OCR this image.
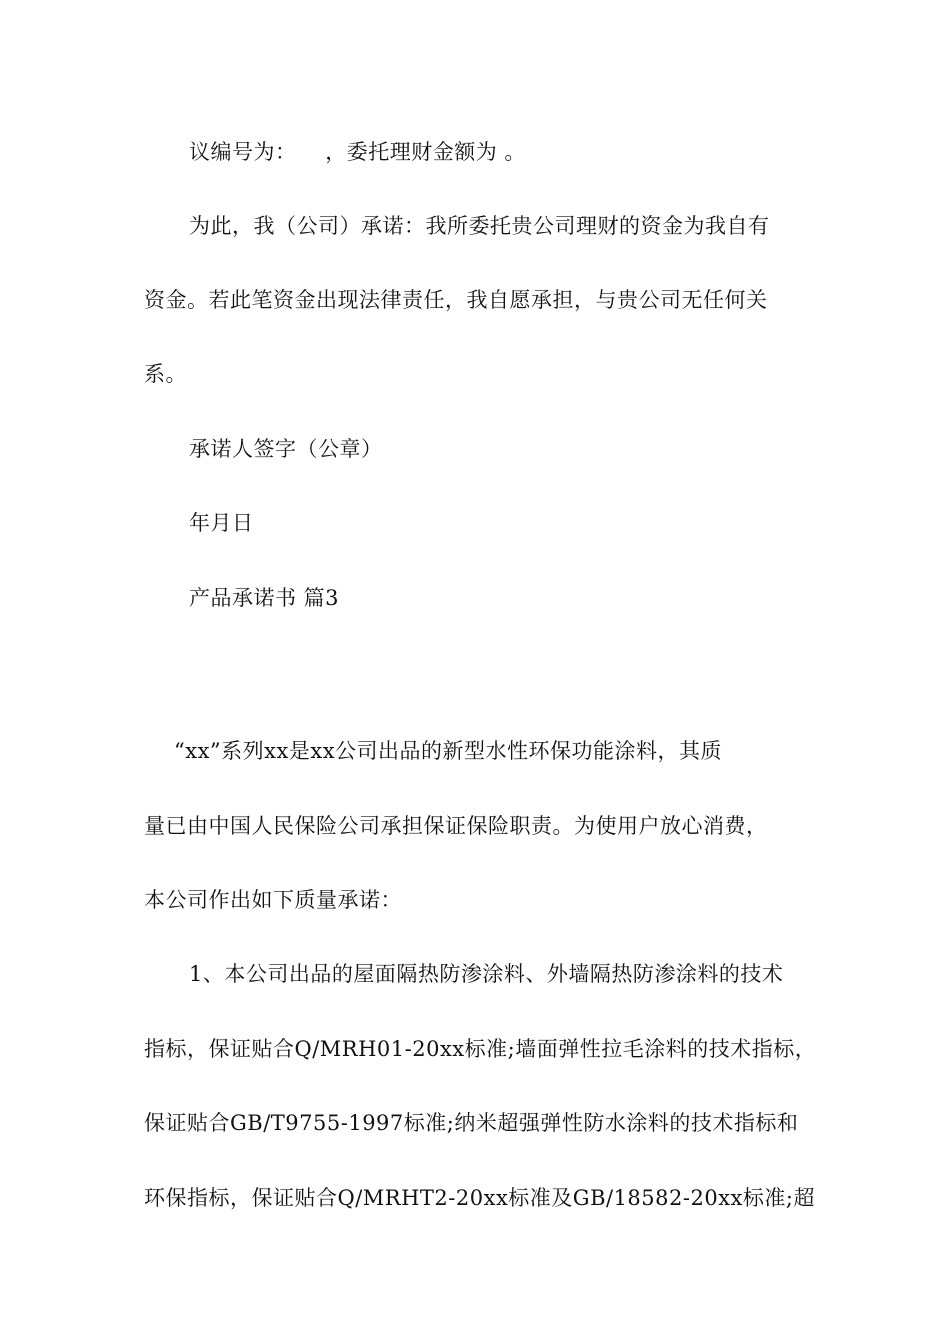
议编号为：    ，委托理财金额为 。
为此，我（公司）承诺：我所委托贵公司理财的资金为我自有
资金。若此笔资金出现法律责任，我自愿承担，与贵公司无任何关
系。
承诺人签字（公章）
年月日
产品承诺书 篇3
“xx”系列xx是xx公司出品的新型水性环保功能涂料，其质
量已由中国人民保险公司承担保证保险职责。为使用户放心消费，
本公司作出如下质量承诺：
1、本公司出品的屋面隔热防渗涂料、外墙隔热防渗涂料的技术
指标，保证贴合Q/MRH01-20xx标准;墙面弹性拉毛涂料的技术指标，
保证贴合GB/T9755-1997标准;纳米超强弹性防水涂料的技术指标和
环保指标，保证贴合Q/MRHT2-20xx标准及GB/18582-20xx标准;超
